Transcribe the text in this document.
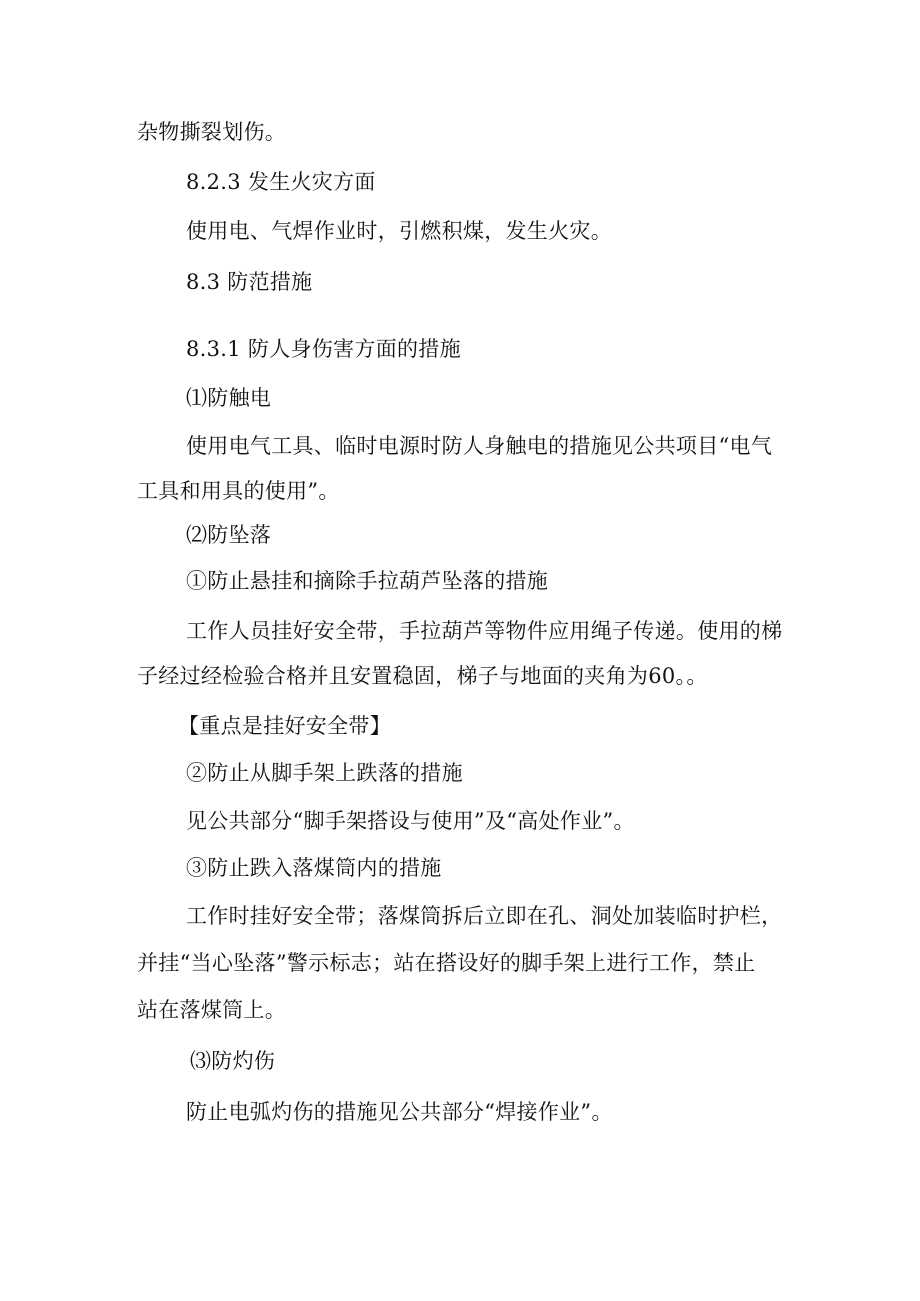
杂物撕裂划伤。
8.2.3 发生火灾方面
使用电、气焊作业时，引燃积煤，发生火灾。
8.3 防范措施
8.3.1 防人身伤害方面的措施
⑴防触电
使用电气工具、临时电源时防人身触电的措施见公共项目“电气
工具和用具的使用”。
⑵防坠落
①防止悬挂和摘除手拉葫芦坠落的措施
工作人员挂好安全带，手拉葫芦等物件应用绳子传递。使用的梯
子经过经检验合格并且安置稳固，梯子与地面的夹角为60。。
【重点是挂好安全带】
②防止从脚手架上跌落的措施
见公共部分“脚手架搭设与使用”及“高处作业”。
③防止跌入落煤筒内的措施
工作时挂好安全带；落煤筒拆后立即在孔、洞处加装临时护栏，
并挂“当心坠落”警示标志；站在搭设好的脚手架上进行工作，禁止
站在落煤筒上。
⑶防灼伤
防止电弧灼伤的措施见公共部分“焊接作业”。
